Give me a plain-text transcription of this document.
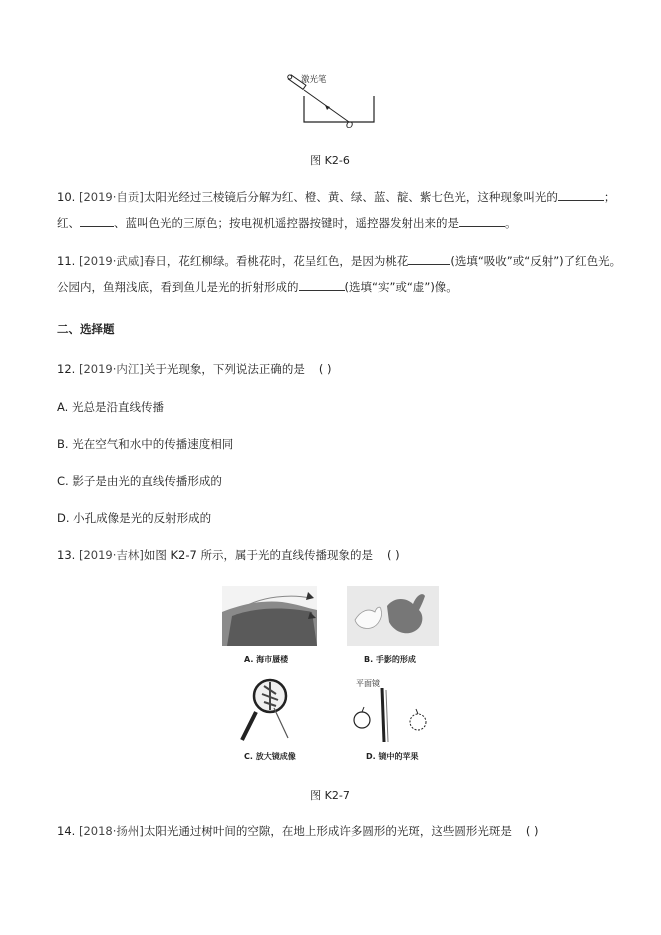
激光笔
O
图 K2-6
10. [2019·自贡]太阳光经过三棱镜后分解为红、橙、黄、绿、蓝、靛、紫七色光，这种现象叫光的	；
红、	、蓝叫色光的三原色；按电视机遥控器按键时，遥控器发射出来的是	。
11. [2019·武威]春日，花红柳绿。看桃花时，花呈红色，是因为桃花	(选填“吸收”或“反射”)了红色光。
公园内，鱼翔浅底，看到鱼儿是光的折射形成的	(选填“实”或“虚”)像。
二、选择题
12. [2019·内江]关于光现象，下列说法正确的是 ( )
A. 光总是沿直线传播
B. 光在空气和水中的传播速度相同
C. 影子是由光的直线传播形成的
D. 小孔成像是光的反射形成的
13. [2019·吉林]如图 K2-7 所示，属于光的直线传播现象的是 ( )
A. 海市蜃楼	B. 手影的形成
C. 放大镜成像
平面镜
D. 镜中的苹果
图 K2-7
14. [2018·扬州]太阳光通过树叶间的空隙，在地上形成许多圆形的光斑，这些圆形光斑是 ( )
